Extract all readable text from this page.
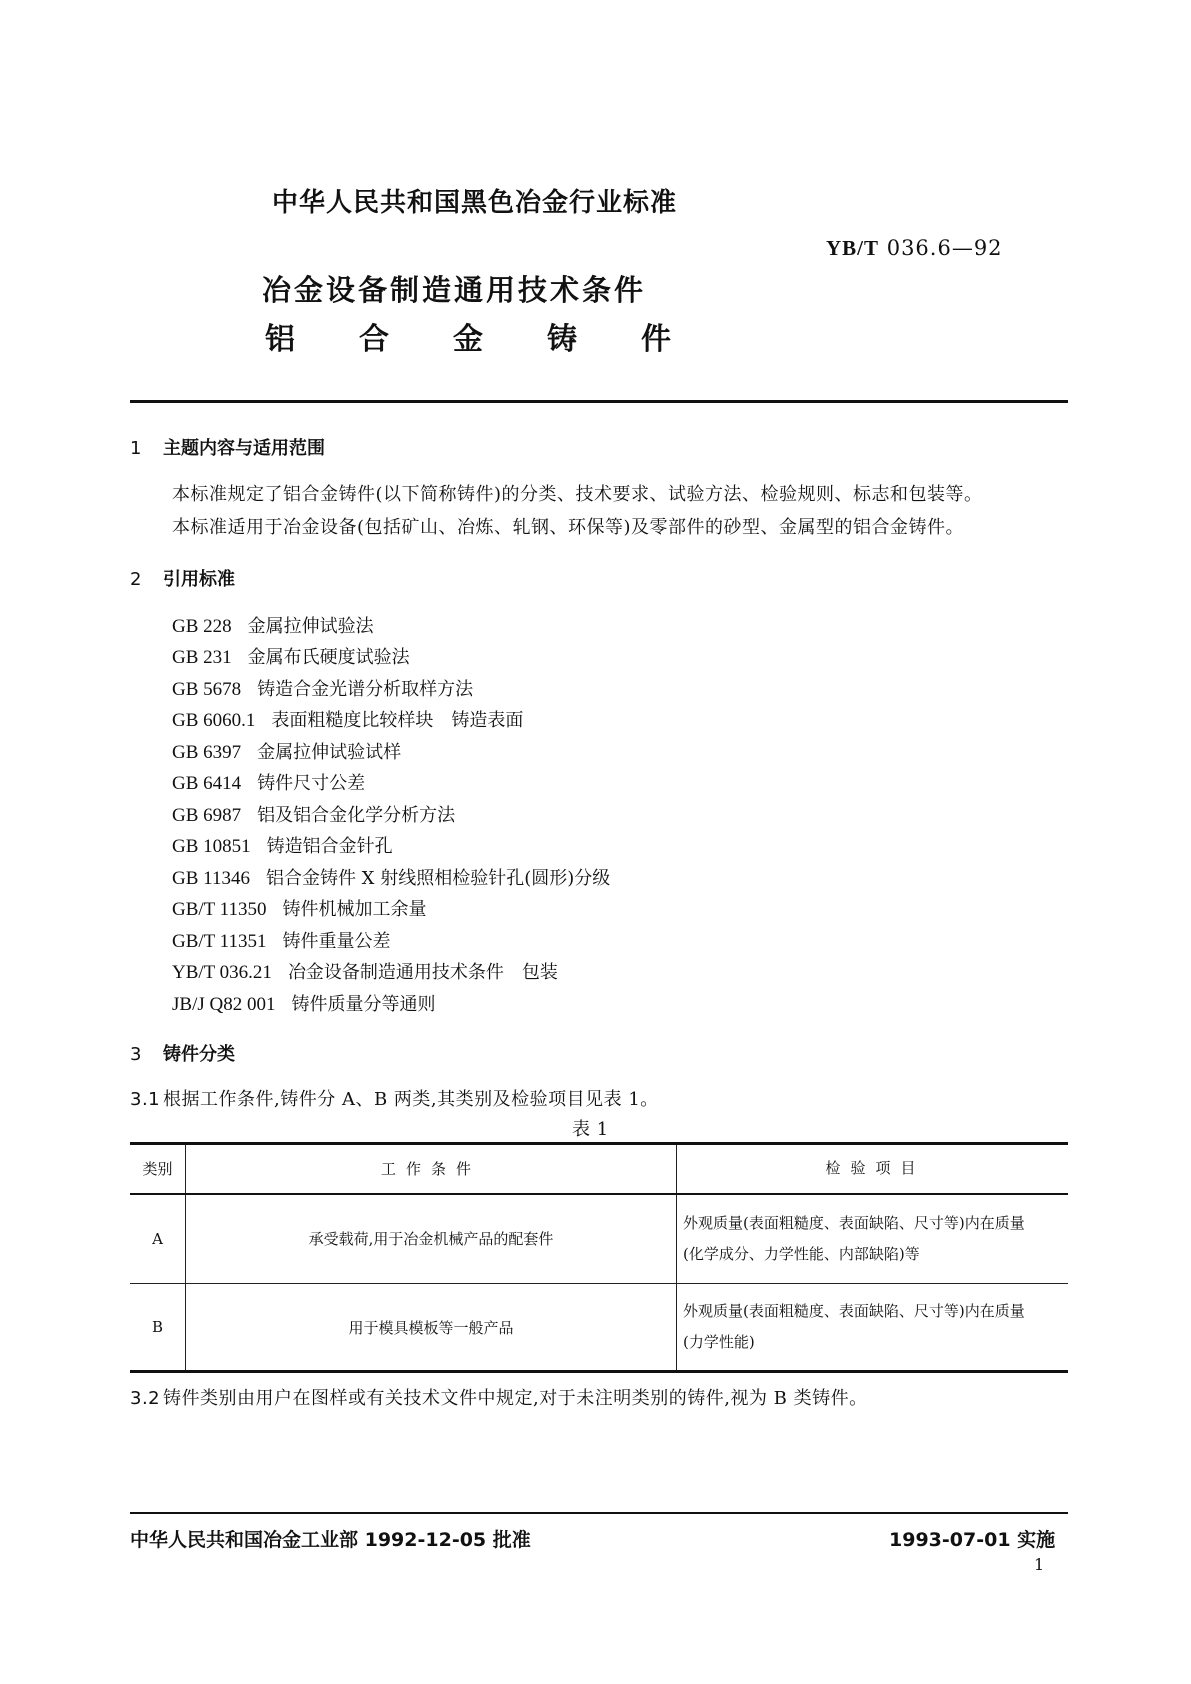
中华人民共和国黑色冶金行业标准
YB/T 036.6—92
冶金设备制造通用技术条件
铝 合 金 铸 件
1 主题内容与适用范围
本标准规定了铝合金铸件(以下简称铸件)的分类、技术要求、试验方法、检验规则、标志和包装等。
本标准适用于冶金设备(包括矿山、冶炼、轧钢、环保等)及零部件的砂型、金属型的铝合金铸件。
2 引用标准
GB 228 金属拉伸试验法
GB 231 金属布氏硬度试验法
GB 5678 铸造合金光谱分析取样方法
GB 6060.1 表面粗糙度比较样块　铸造表面
GB 6397 金属拉伸试验试样
GB 6414 铸件尺寸公差
GB 6987 铝及铝合金化学分析方法
GB 10851 铸造铝合金针孔
GB 11346 铝合金铸件 X 射线照相检验针孔(圆形)分级
GB/T 11350 铸件机械加工余量
GB/T 11351 铸件重量公差
YB/T 036.21 冶金设备制造通用技术条件　包装
JB/J Q82 001 铸件质量分等通则
3 铸件分类
3.1 根据工作条件,铸件分 A、B 两类,其类别及检验项目见表 1。
表 1
类别	工作条件	检验项目
A	承受载荷,用于冶金机械产品的配套件	外观质量(表面粗糙度、表面缺陷、尺寸等)内在质量
(化学成分、力学性能、内部缺陷)等

B	用于模具模板等一般产品	外观质量(表面粗糙度、表面缺陷、尺寸等)内在质量
(力学性能)
3.2 铸件类别由用户在图样或有关技术文件中规定,对于未注明类别的铸件,视为 B 类铸件。
中华人民共和国冶金工业部 1992-12-05 批准	1993-07-01 实施
1
